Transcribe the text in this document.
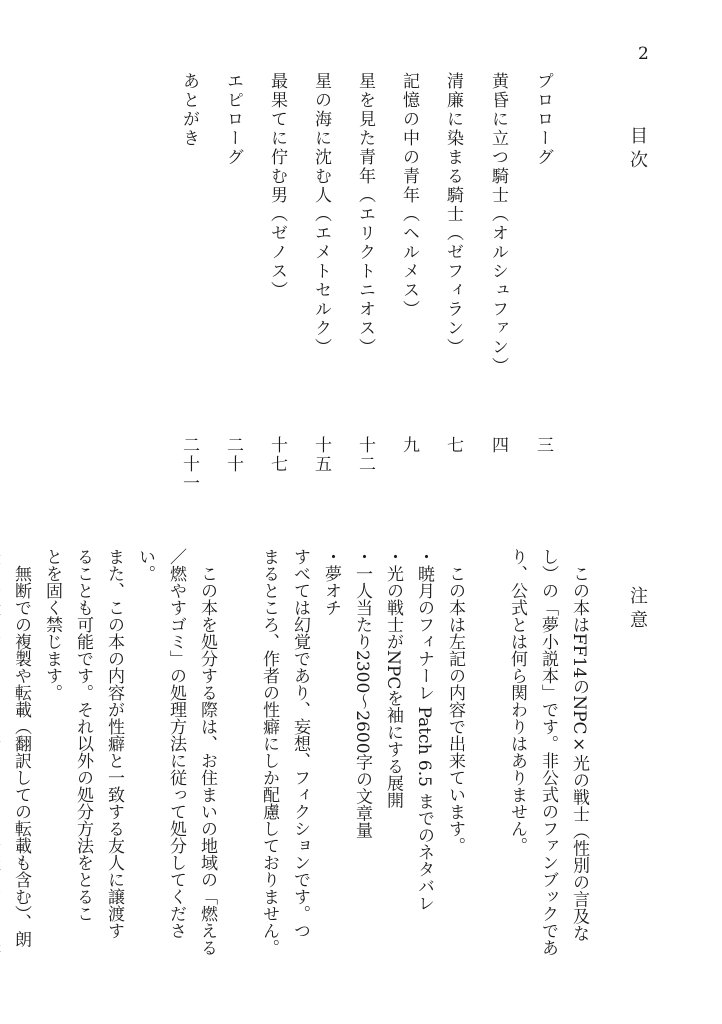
2
目次
プロローグ
三
黄昏に立つ騎士（オルシュファン）
四
清廉に染まる騎士（ゼフィラン）
七
記憶の中の青年（ヘルメス）
九
星を見た青年（エリクトニオス）
十二
星の海に沈む人（エメトセルク）
十五
最果てに佇む男（ゼノス）
十七
エピローグ
二十
あとがき
二十一
注意

　この本はFF14のNPC×光の戦士（性別の言及な

し）の「夢小説本」です。非公式のファンブックであ

り、公式とは何ら関わりはありません。

　この本は左記の内容で出来ています。

・暁月のフィナーレ Patch 6.5 までのネタバレ

・光の戦士がNPCを袖にする展開

・一人当たり2300〜2600字の文章量

・夢オチ

すべては幻覚であり、妄想、フィクションです。つ

まるところ、作者の性癖にしか配慮しておりません。

　この本を処分する際は、お住まいの地域の「燃える

／燃やすゴミ」の処理方法に従って処分してください。

また、この本の内容が性癖と一致する友人に譲渡す

ることも可能です。それ以外の処分方法をとるこ

とを固く禁じます。

　無断での複製や転載（翻訳しての転載も含む）、朗
